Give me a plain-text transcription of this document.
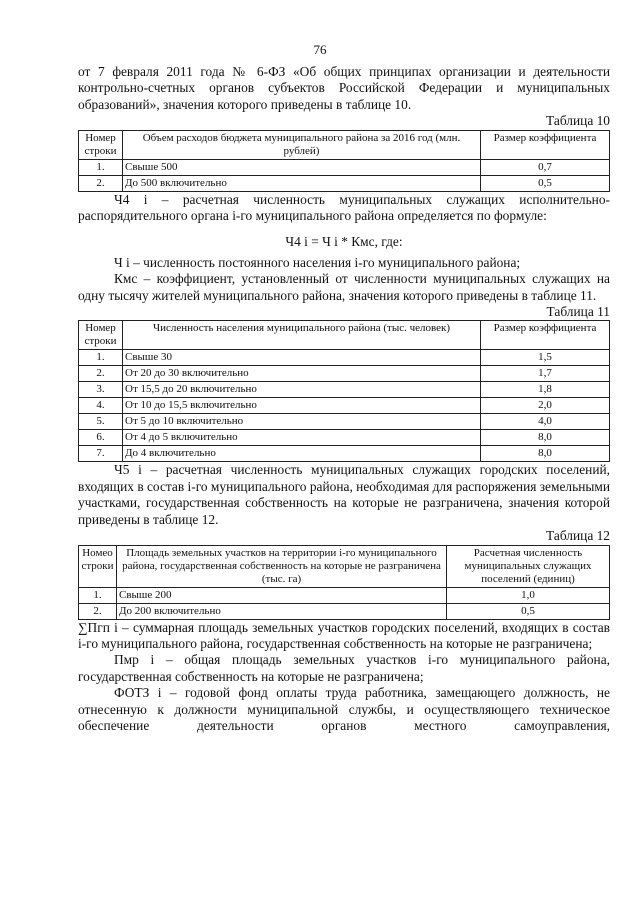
76

от 7 февраля 2011 года № 6-ФЗ «Об общих принципах организации и деятельности контрольно-счетных органов субъектов Российской Федерации и муниципальных образований», значения которого приведены в таблице 10.

Таблица 10
Номер строки	Объем расходов бюджета муниципального района за 2016 год (млн. рублей)	Размер коэффициента
1.	Свыше 500	0,7
2.	До 500 включительно	0,5

Ч4 i – расчетная численность муниципальных служащих исполнительно-распорядительного органа i-го муниципального района определяется по формуле:

Ч4 i = Ч i * Кмс, где:

Ч i – численность постоянного населения i-го муниципального района;

Кмс – коэффициент, установленный от численности муниципальных служащих на одну тысячу жителей муниципального района, значения которого приведены в таблице 11.

Таблица 11
Номер строки	Численность населения муниципального района (тыс. человек)	Размер коэффициента
1.	Свыше 30	1,5
2.	От 20 до 30 включительно	1,7
3.	От 15,5 до 20 включительно	1,8
4.	От 10 до 15,5 включительно	2,0
5.	От 5 до 10 включительно	4,0
6.	От 4 до 5 включительно	8,0
7.	До 4 включительно	8,0

Ч5 i – расчетная численность муниципальных служащих городских поселений, входящих в состав i-го муниципального района, необходимая для распоряжения земельными участками, государственная собственность на которые не разграничена, значения которой приведены в таблице 12.

Таблица 12
Номео строки	Площадь земельных участков на территории i-го муниципального района, государственная собственность на которые не разграничена (тыс. га)	Расчетная численность муниципальных служащих поселений (единиц)
1.	Свыше 200	1,0
2.	До 200 включительно	0,5

∑Пгп i – суммарная площадь земельных участков городских поселений, входящих в состав i-го муниципального района, государственная собственность на которые не разграничена;

Пмр i – общая площадь земельных участков i-го муниципального района, государственная собственность на которые не разграничена;

ФОТЗ i – годовой фонд оплаты труда работника, замещающего должность, не отнесенную к должности муниципальной службы, и осуществляющего техническое обеспечение деятельности органов местного самоуправления,
